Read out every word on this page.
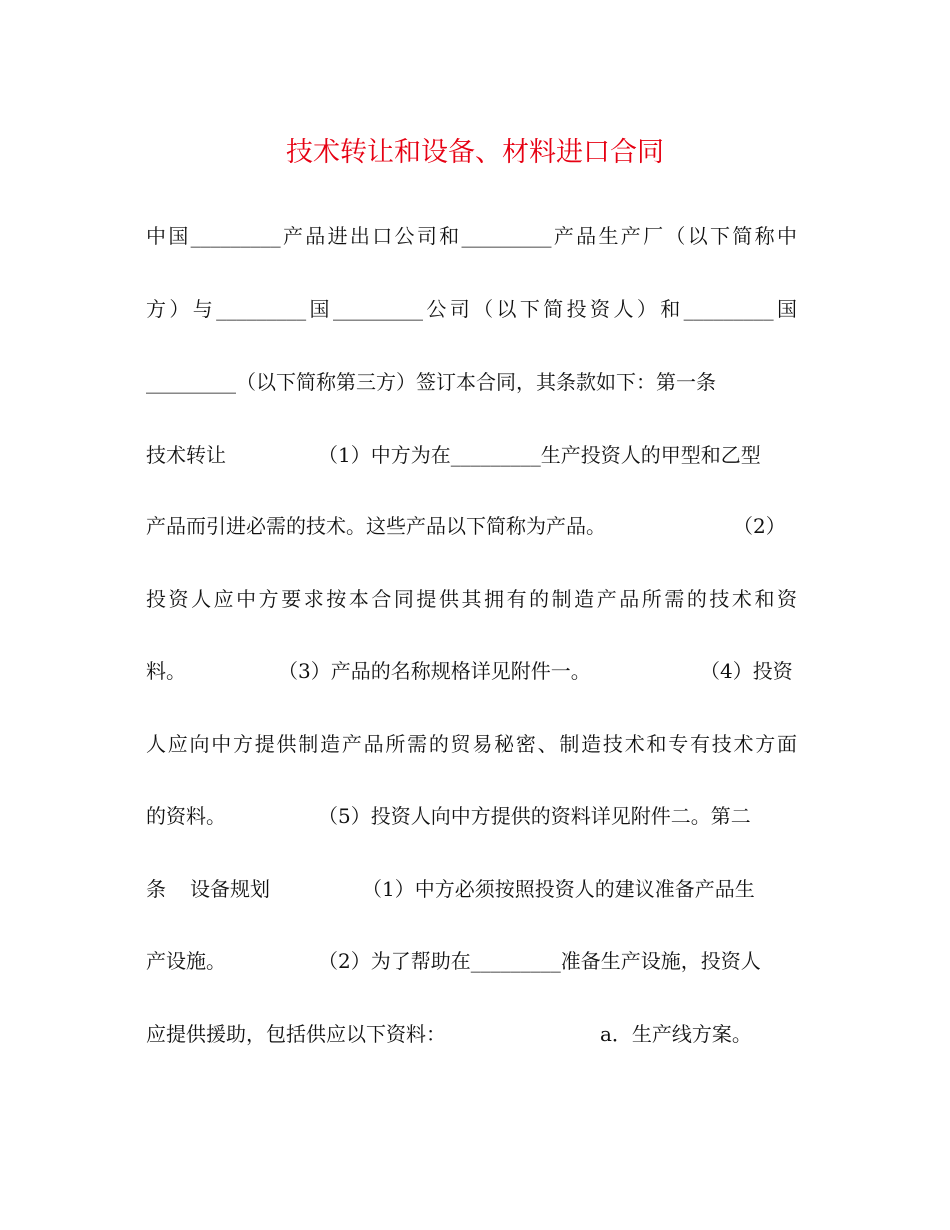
技术转让和设备、材料进口合同
中国_________产品进出口公司和_________产品生产厂（以下简称中
方）与_________国_________公司（以下简投资人）和_________国
_________（以下简称第三方）签订本合同，其条款如下：第一条
技术转让	（1）中方为在_________生产投资人的甲型和乙型
产品而引进必需的技术。这些产品以下简称为产品。	（2）
投资人应中方要求按本合同提供其拥有的制造产品所需的技术和资
料。	（3）产品的名称规格详见附件一。	（4）投资
人应向中方提供制造产品所需的贸易秘密、制造技术和专有技术方面
的资料。	（5）投资人向中方提供的资料详见附件二。第二
条 设备规划	（1）中方必须按照投资人的建议准备产品生
产设施。	（2）为了帮助在_________准备生产设施，投资人
应提供援助，包括供应以下资料：	a．生产线方案。
